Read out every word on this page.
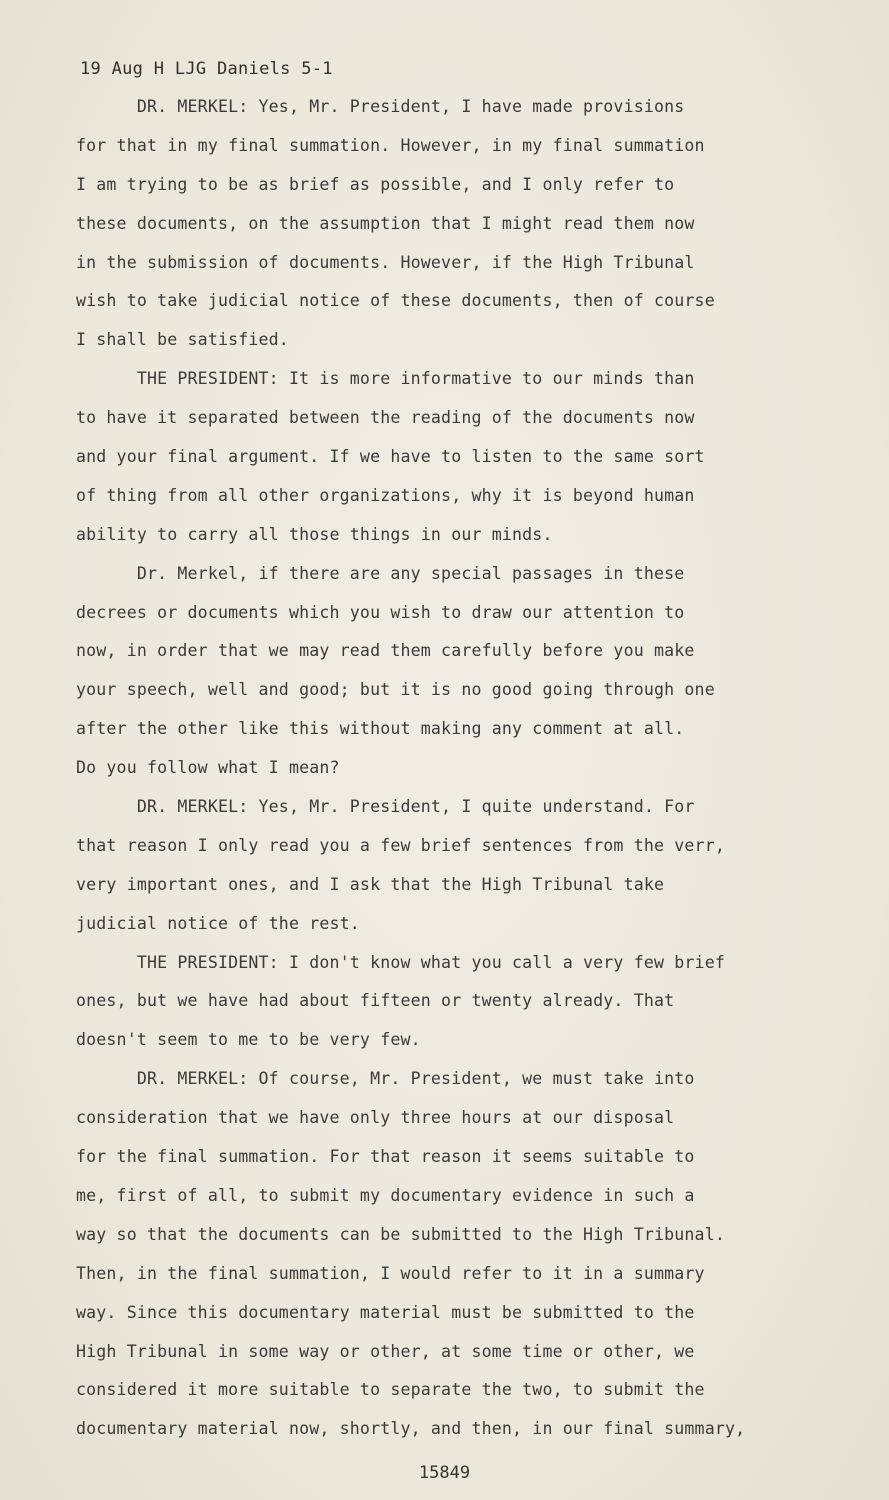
19 Aug H LJG Daniels 5-1
DR. MERKEL: Yes, Mr. President, I have made provisions
for that in my final summation. However, in my final summation
I am trying to be as brief as possible, and I only refer to
these documents, on the assumption that I might read them now
in the submission of documents. However, if the High Tribunal
wish to take judicial notice of these documents, then of course
I shall be satisfied.
THE PRESIDENT: It is more informative to our minds than
to have it separated between the reading of the documents now
and your final argument. If we have to listen to the same sort
of thing from all other organizations, why it is beyond human
ability to carry all those things in our minds.
Dr. Merkel, if there are any special passages in these
decrees or documents which you wish to draw our attention to
now, in order that we may read them carefully before you make
your speech, well and good; but it is no good going through one
after the other like this without making any comment at all.
Do you follow what I mean?
DR. MERKEL: Yes, Mr. President, I quite understand. For
that reason I only read you a few brief sentences from the verr,
very important ones, and I ask that the High Tribunal take
judicial notice of the rest.
THE PRESIDENT: I don't know what you call a very few brief
ones, but we have had about fifteen or twenty already. That
doesn't seem to me to be very few.
DR. MERKEL: Of course, Mr. President, we must take into
consideration that we have only three hours at our disposal
for the final summation. For that reason it seems suitable to
me, first of all, to submit my documentary evidence in such a
way so that the documents can be submitted to the High Tribunal.
Then, in the final summation, I would refer to it in a summary
way. Since this documentary material must be submitted to the
High Tribunal in some way or other, at some time or other, we
considered it more suitable to separate the two, to submit the
documentary material now, shortly, and then, in our final summary,
15849
